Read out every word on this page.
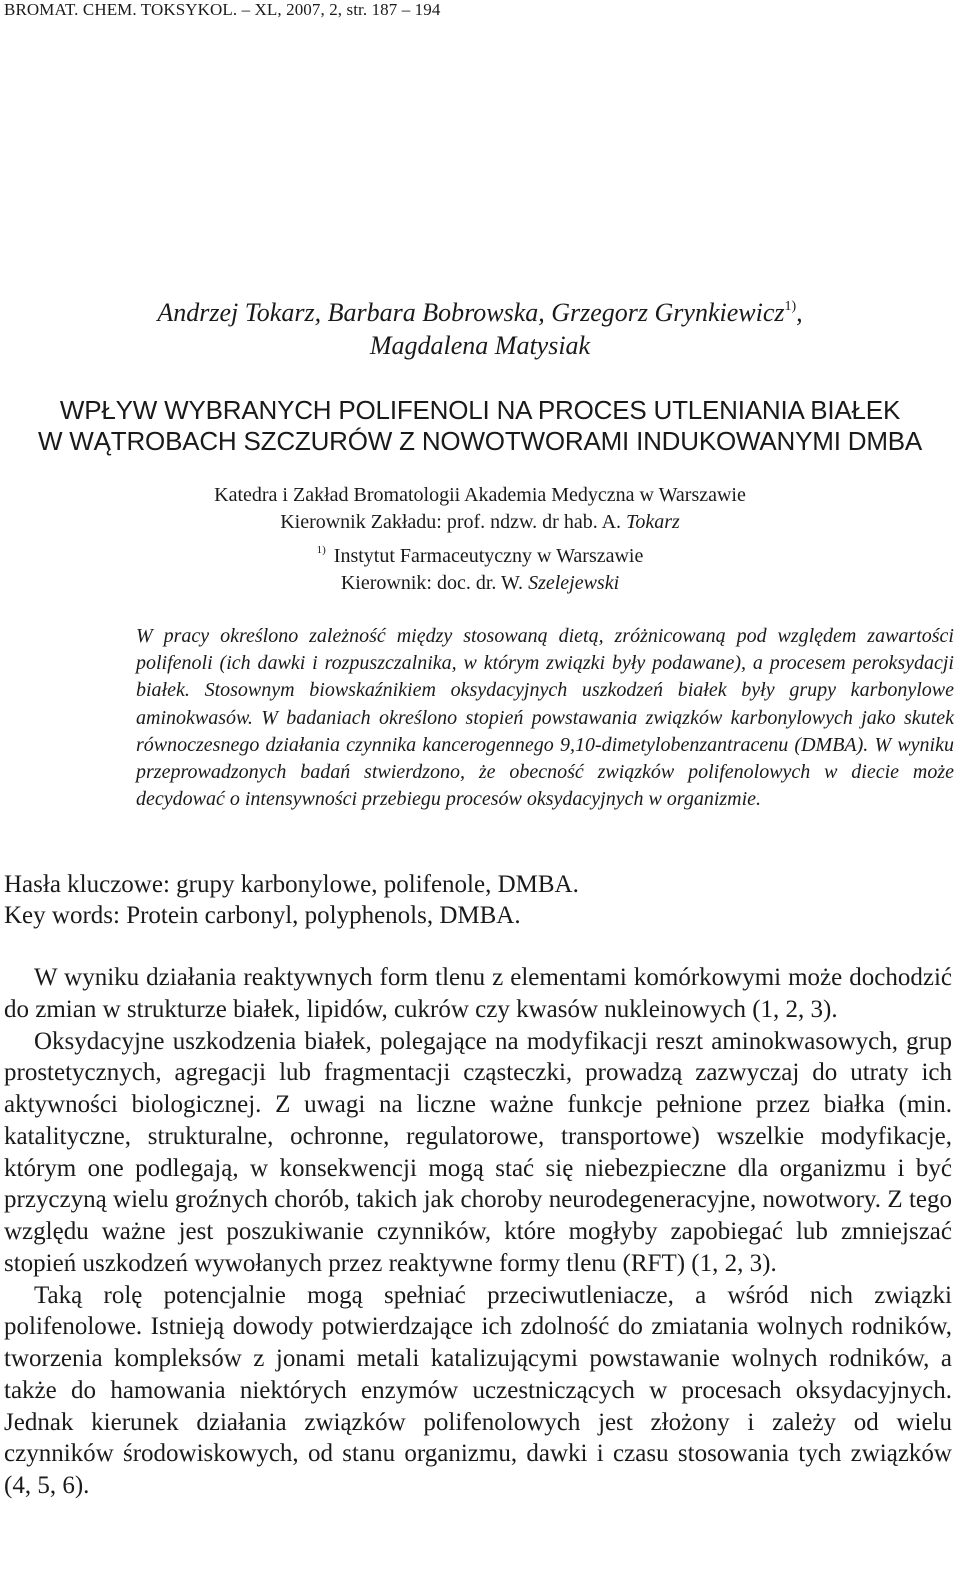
BROMAT. CHEM. TOKSYKOL. – XL, 2007, 2, str. 187 – 194
Andrzej Tokarz, Barbara Bobrowska, Grzegorz Grynkiewicz$^{1)}$,
Magdalena Matysiak
WPŁYW WYBRANYCH POLIFENOLI NA PROCES UTLENIANIA BIAŁEK
W WĄTROBACH SZCZURÓW Z NOWOTWORAMI INDUKOWANYMI DMBA
Katedra i Zakład Bromatologii Akademia Medyczna w Warszawie
Kierownik Zakładu: prof. ndzw. dr hab. A. Tokarz
$^{1)}$ Instytut Farmaceutyczny w Warszawie
Kierownik: doc. dr. W. Szelejewski
W pracy określono zależność między stosowaną dietą, zróżnicowaną pod względem zawartości polifenoli (ich dawki i rozpuszczalnika, w którym związki były podawane), a procesem peroksydacji białek. Stosownym biowskaźnikiem oksydacyjnych uszkodzeń białek były grupy karbonylowe aminokwasów. W badaniach określono stopień powstawania związków karbonylowych jako skutek równoczesnego działania czynnika kancerogennego 9,10-dimetylobenzantracenu (DMBA). W wyniku przeprowadzonych badań stwierdzono, że obecność związków polifenolowych w diecie może decydować o intensywności przebiegu procesów oksydacyjnych w organizmie.
Hasła kluczowe: grupy karbonylowe, polifenole, DMBA.
Key words: Protein carbonyl, polyphenols, DMBA.

W wyniku działania reaktywnych form tlenu z elementami komórkowymi może dochodzić do zmian w strukturze białek, lipidów, cukrów czy kwasów nukleinowych (1, 2, 3).

Oksydacyjne uszkodzenia białek, polegające na modyfikacji reszt aminokwasowych, grup prostetycznych, agregacji lub fragmentacji cząsteczki, prowadzą zazwyczaj do utraty ich aktywności biologicznej. Z uwagi na liczne ważne funkcje pełnione przez białka (min. katalityczne, strukturalne, ochronne, regulatorowe, transportowe) wszelkie modyfikacje, którym one podlegają, w konsekwencji mogą stać się niebezpieczne dla organizmu i być przyczyną wielu groźnych chorób, takich jak choroby neurodegeneracyjne, nowotwory. Z tego względu ważne jest poszukiwanie czynników, które mogłyby zapobiegać lub zmniejszać stopień uszkodzeń wywołanych przez reaktywne formy tlenu (RFT) (1, 2, 3).

Taką rolę potencjalnie mogą spełniać przeciwutleniacze, a wśród nich związki polifenolowe. Istnieją dowody potwierdzające ich zdolność do zmiatania wolnych rodników, tworzenia kompleksów z jonami metali katalizującymi powstawanie wolnych rodników, a także do hamowania niektórych enzymów uczestniczących w procesach oksydacyjnych. Jednak kierunek działania związków polifenolowych jest złożony i zależy od wielu czynników środowiskowych, od stanu organizmu, dawki i czasu stosowania tych związków (4, 5, 6).
